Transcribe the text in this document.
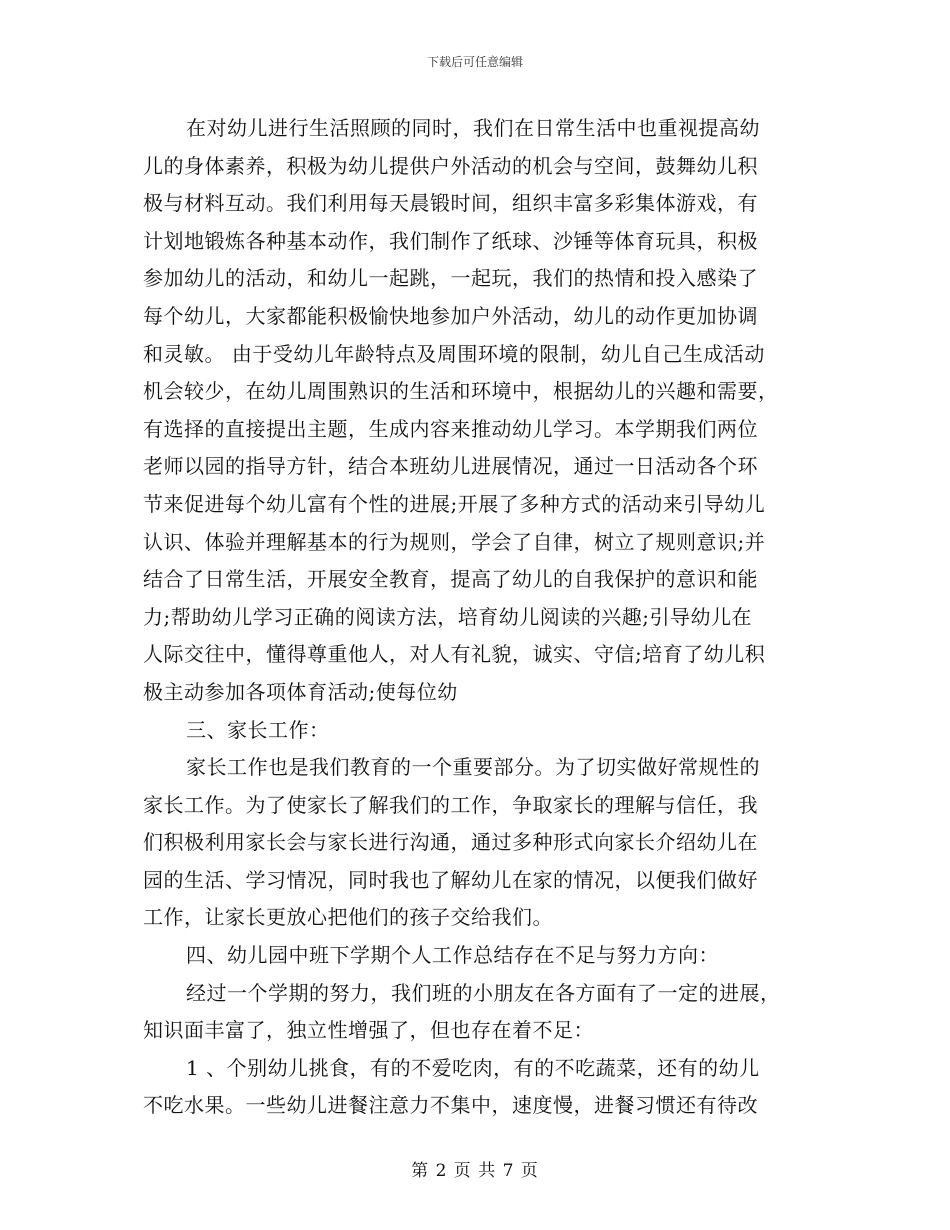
下载后可任意编辑
在对幼儿进行生活照顾的同时，我们在日常生活中也重视提高幼
儿的身体素养，积极为幼儿提供户外活动的机会与空间，鼓舞幼儿积
极与材料互动。我们利用每天晨锻时间，组织丰富多彩集体游戏，有
计划地锻炼各种基本动作，我们制作了纸球、沙锤等体育玩具，积极
参加幼儿的活动，和幼儿一起跳，一起玩，我们的热情和投入感染了
每个幼儿，大家都能积极愉快地参加户外活动，幼儿的动作更加协调
和灵敏。 由于受幼儿年龄特点及周围环境的限制，幼儿自己生成活动
机会较少，在幼儿周围熟识的生活和环境中，根据幼儿的兴趣和需要，
有选择的直接提出主题，生成内容来推动幼儿学习。本学期我们两位
老师以园的指导方针，结合本班幼儿进展情况，通过一日活动各个环
节来促进每个幼儿富有个性的进展;开展了多种方式的活动来引导幼儿
认识、体验并理解基本的行为规则，学会了自律，树立了规则意识;并
结合了日常生活，开展安全教育，提高了幼儿的自我保护的意识和能
力;帮助幼儿学习正确的阅读方法，培育幼儿阅读的兴趣;引导幼儿在
人际交往中，懂得尊重他人，对人有礼貌，诚实、守信;培育了幼儿积
极主动参加各项体育活动;使每位幼
三、家长工作：
家长工作也是我们教育的一个重要部分。为了切实做好常规性的
家长工作。为了使家长了解我们的工作，争取家长的理解与信任，我
们积极利用家长会与家长进行沟通，通过多种形式向家长介绍幼儿在
园的生活、学习情况，同时我也了解幼儿在家的情况，以便我们做好
工作，让家长更放心把他们的孩子交给我们。
四、幼儿园中班下学期个人工作总结存在不足与努力方向：
经过一个学期的努力，我们班的小朋友在各方面有了一定的进展，
知识面丰富了，独立性增强了，但也存在着不足：
1 、个别幼儿挑食，有的不爱吃肉，有的不吃蔬菜，还有的幼儿
不吃水果。一些幼儿进餐注意力不集中，速度慢，进餐习惯还有待改
第 2 页 共 7 页
